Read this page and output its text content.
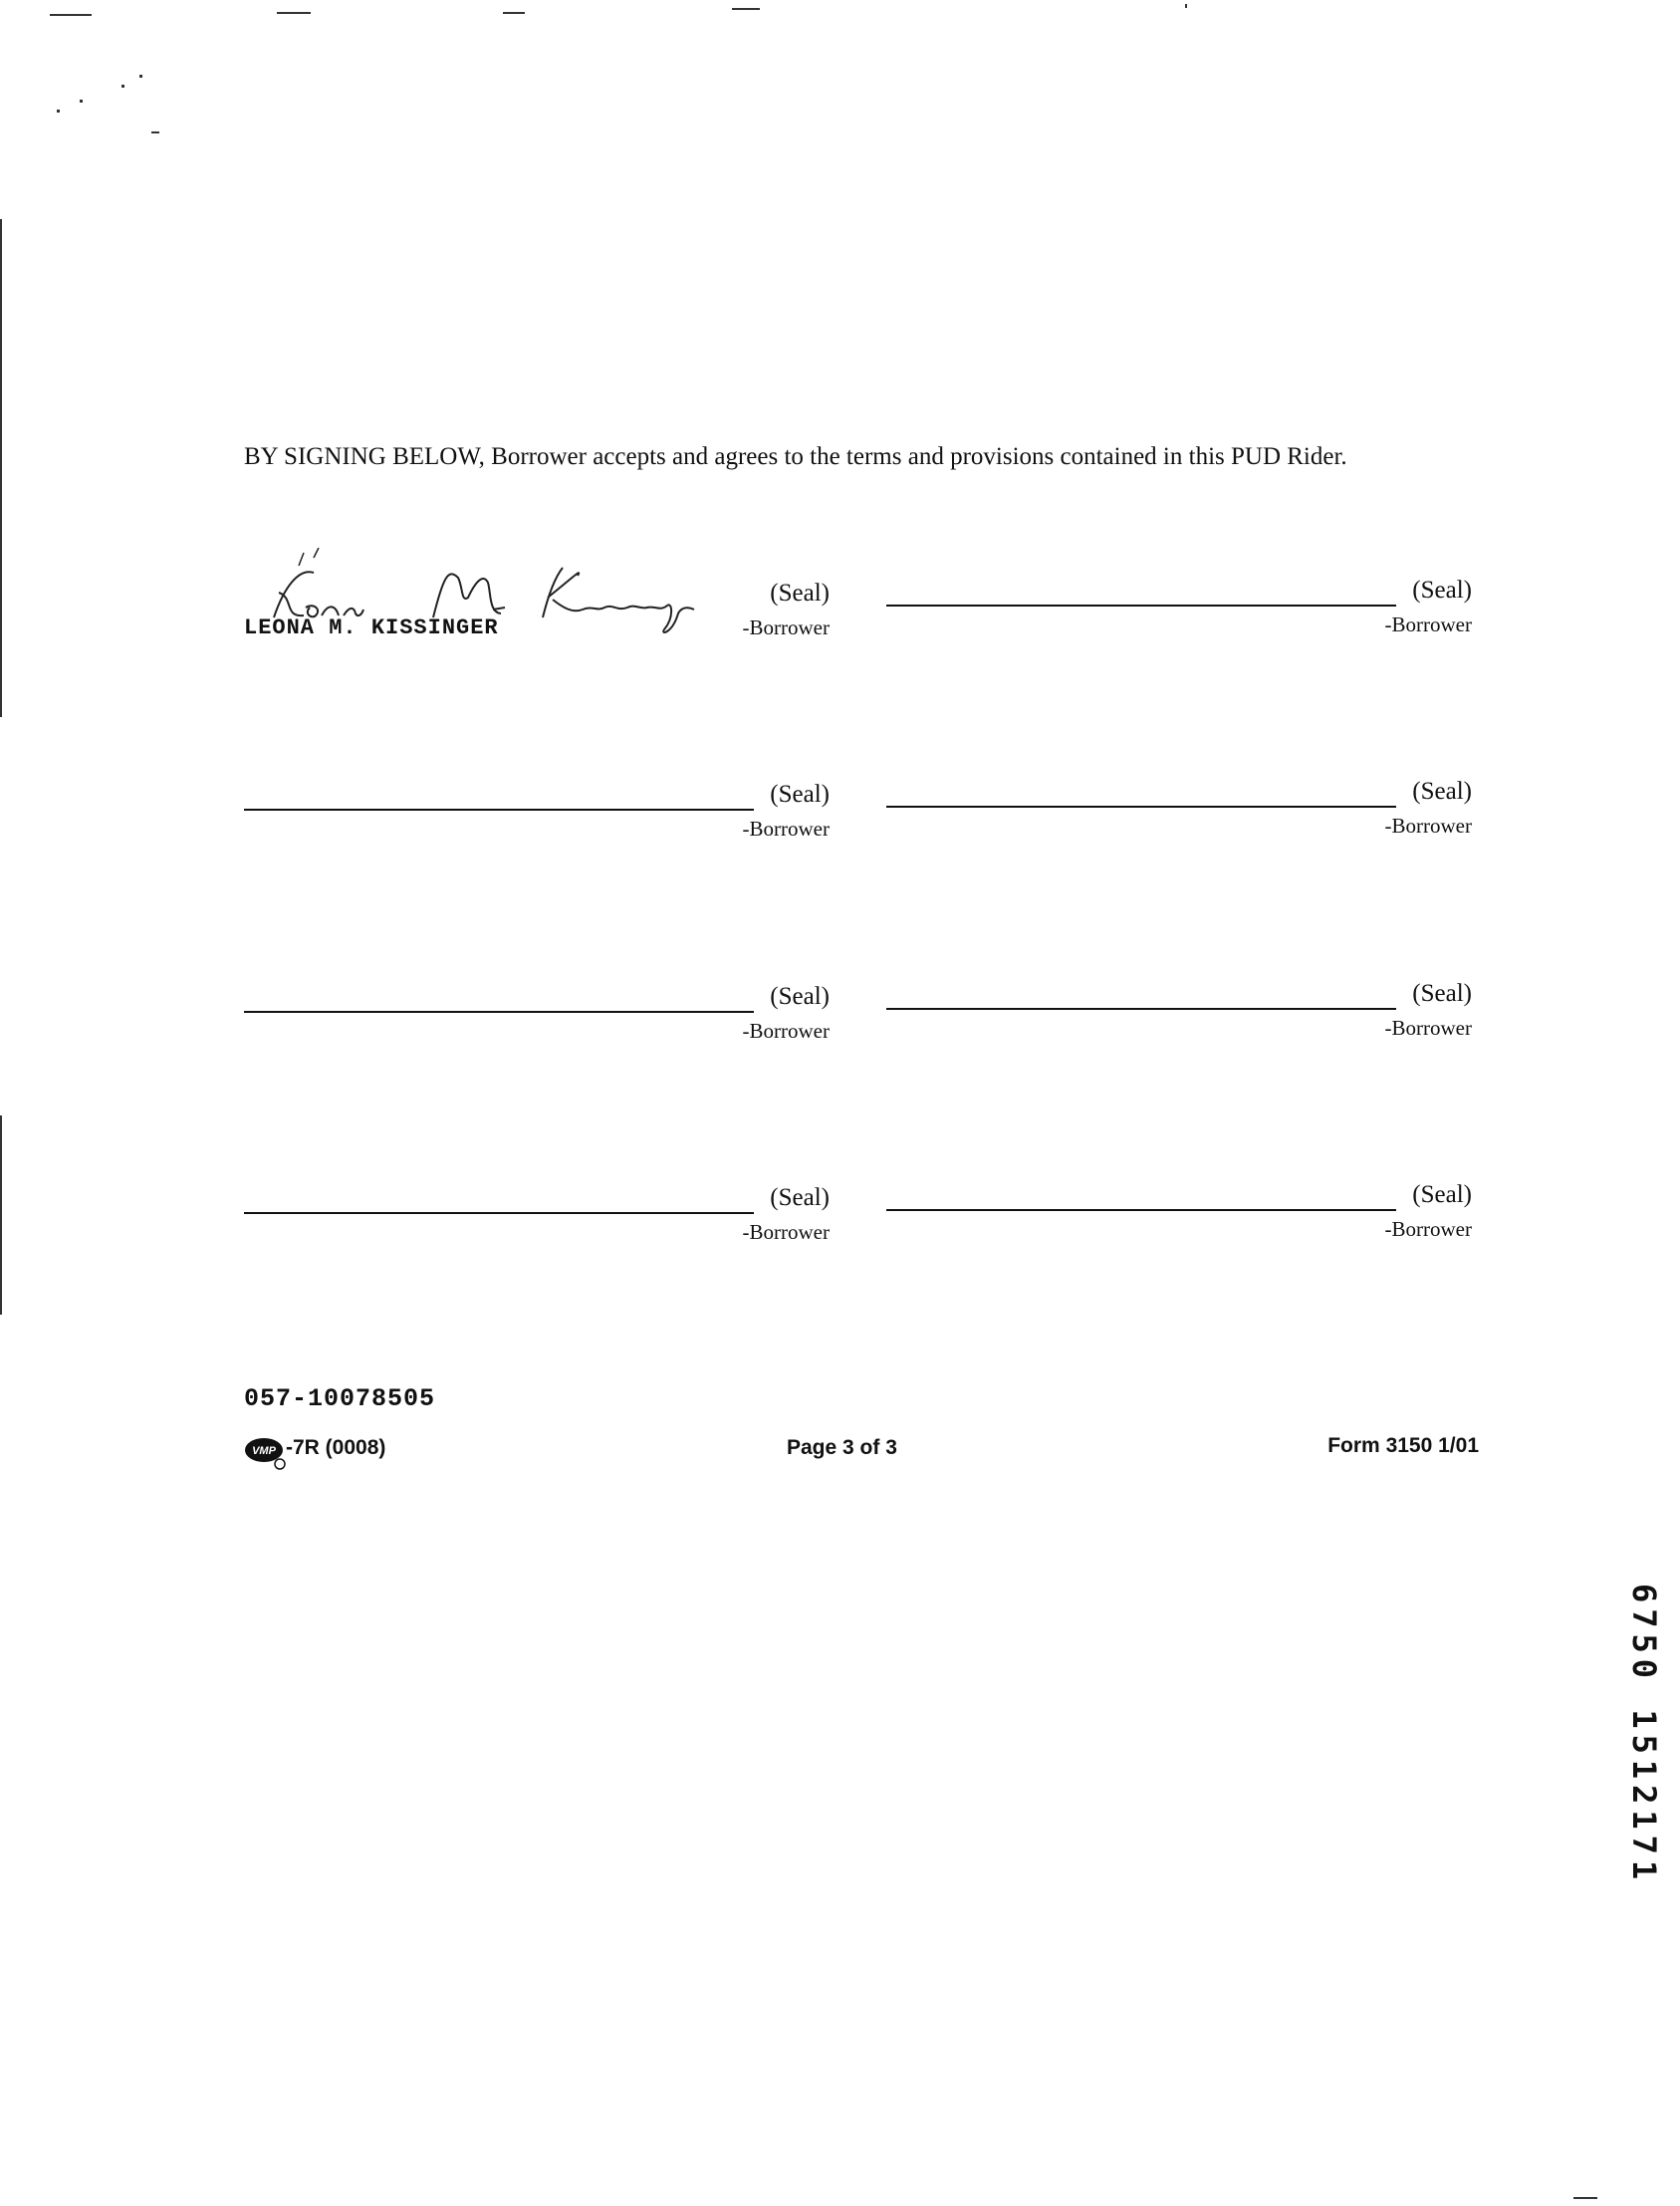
BY SIGNING BELOW, Borrower accepts and agrees to the terms and provisions contained in this PUD Rider.
(Seal)
LEONA M. KISSINGER	-Borrower
(Seal)
-Borrower
(Seal)
-Borrower
(Seal)
-Borrower
(Seal)
-Borrower
(Seal)
-Borrower
(Seal)
-Borrower
(Seal)
-Borrower
057-10078505
VMP -7R (0008)	Page 3 of 3	Form 3150 1/01
6750 1512171
